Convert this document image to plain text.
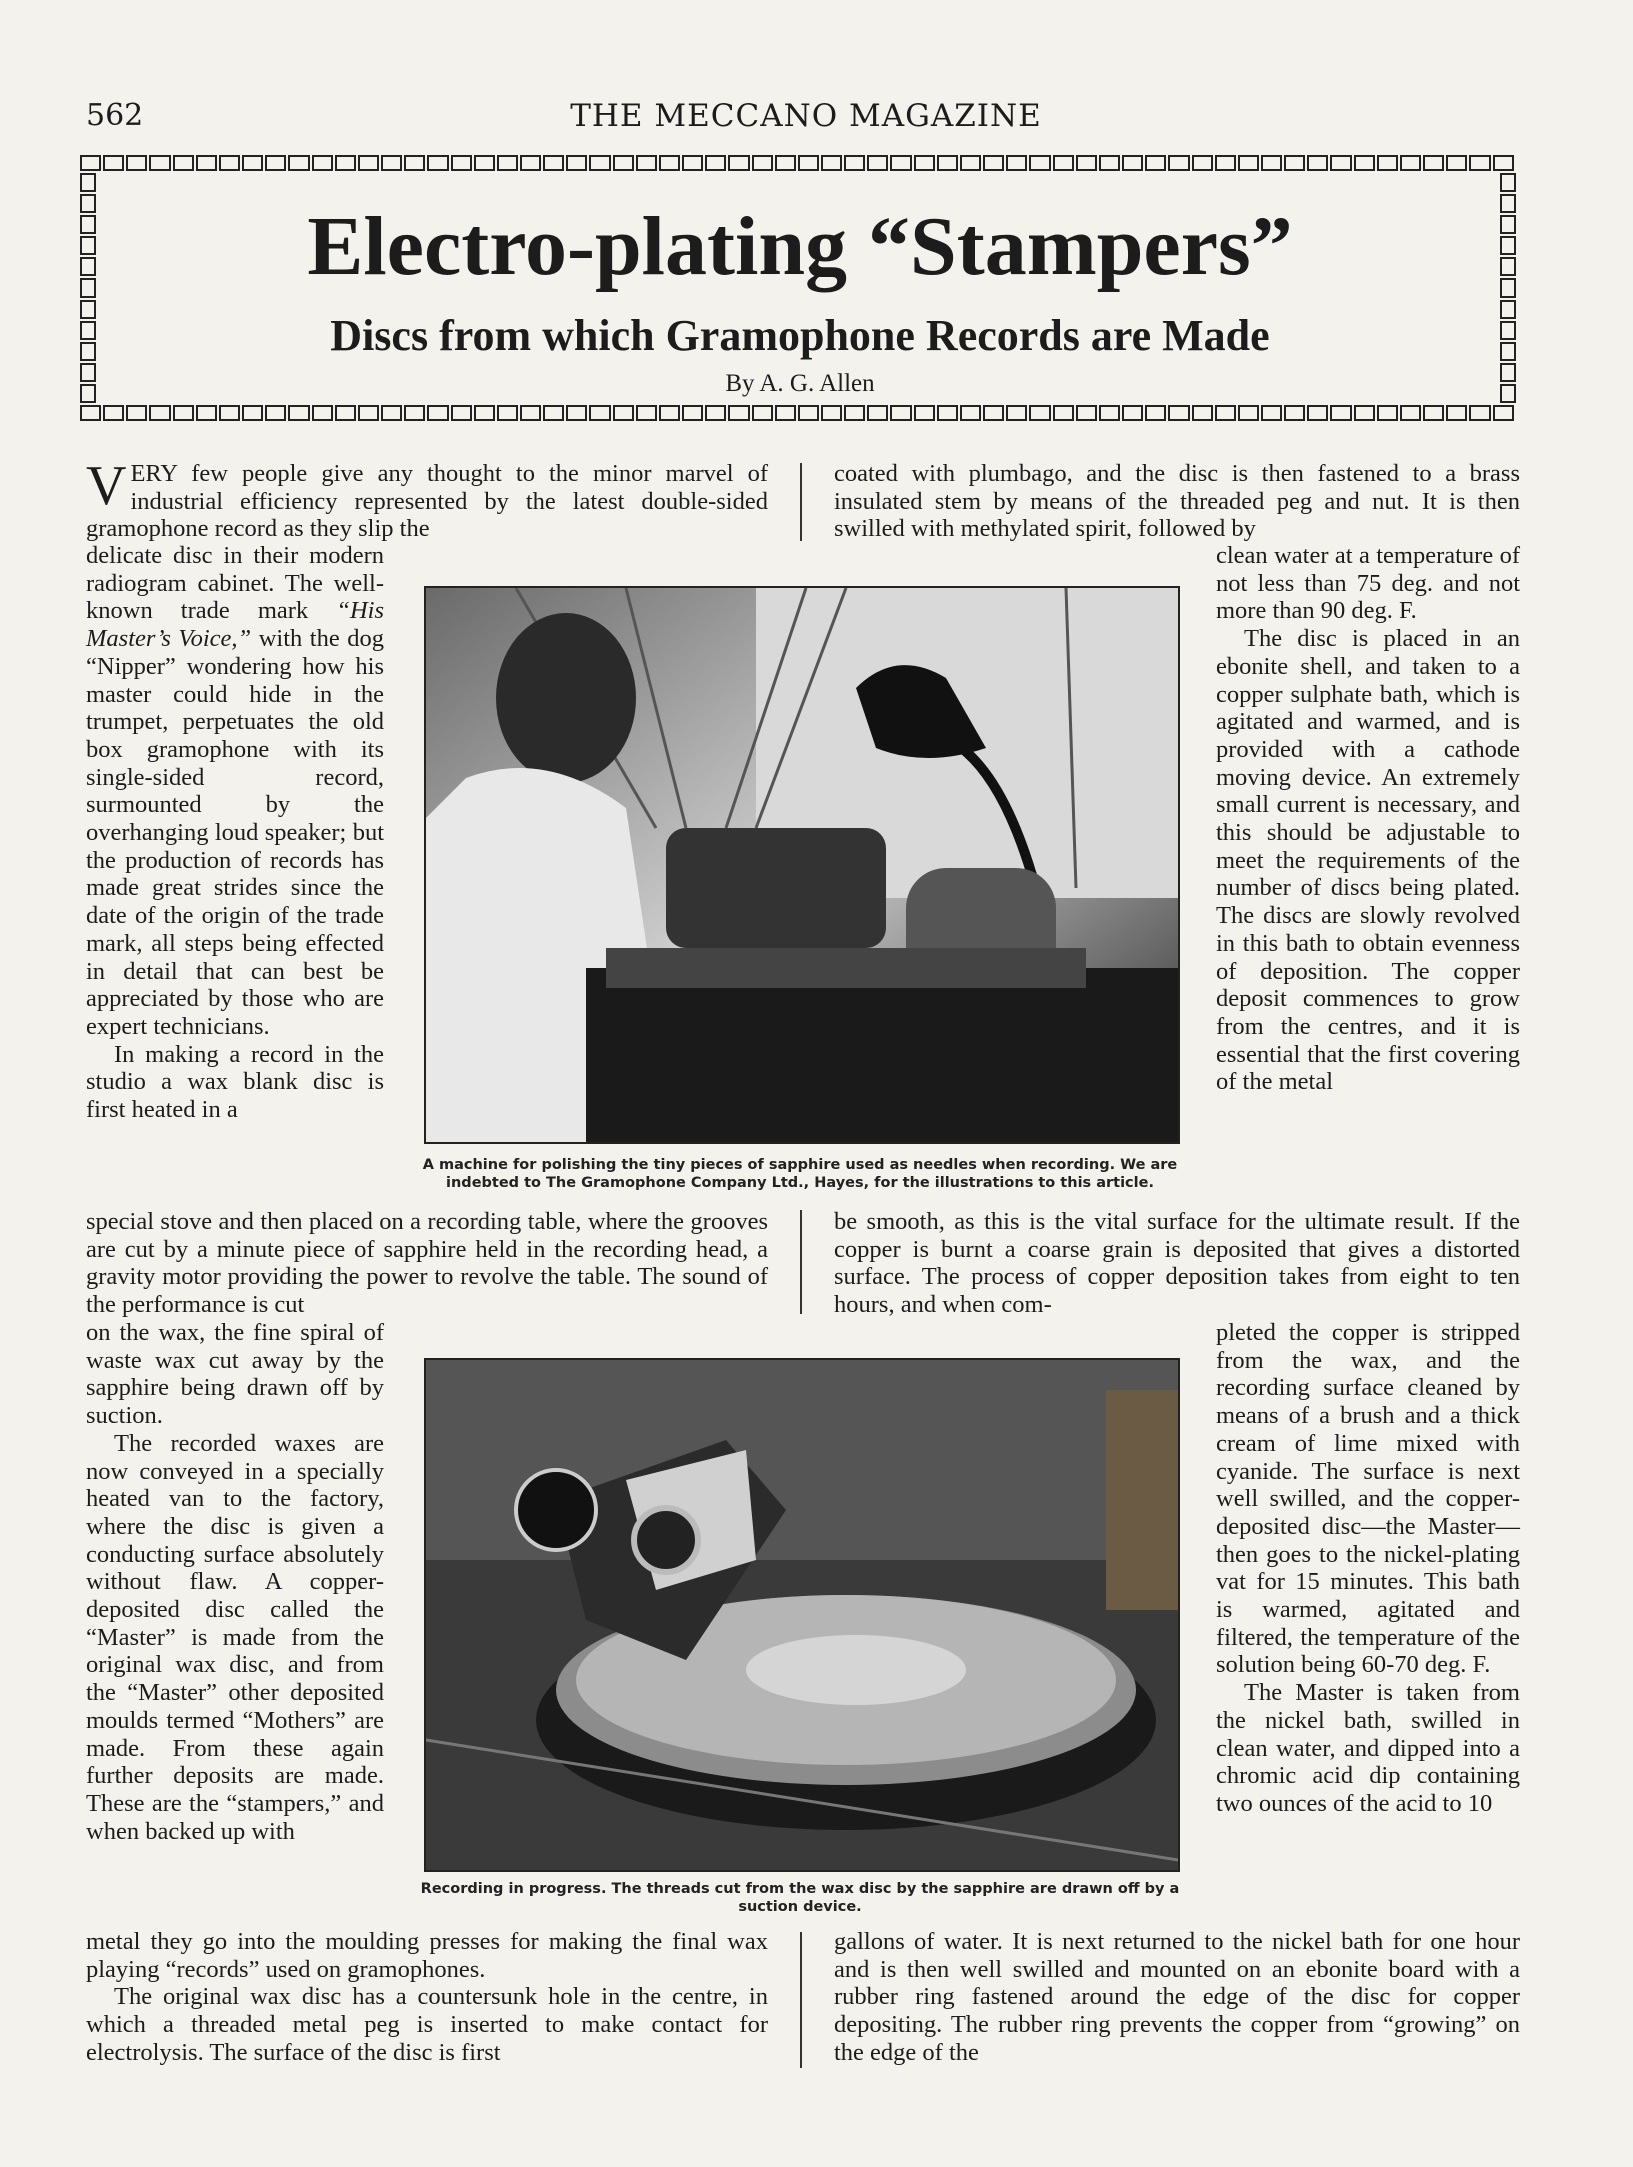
562	THE MECCANO MAGAZINE
Electro-plating “Stampers”
Discs from which Gramophone Records are Made
By A. G. Allen
VERY few people give any thought to the minor marvel of industrial efficiency represented by the latest double-sided gramophone record as they slip the
delicate disc in their modern radiogram cabinet. The well-known trade mark “His Master’s Voice,” with the dog “Nipper” wondering how his master could hide in the trumpet, perpetuates the old box gramophone with its single-sided record, surmounted by the overhanging loud speaker; but the production of records has made great strides since the date of the origin of the trade mark, all steps being effected in detail that can best be appreciated by those who are expert technicians.

In making a record in the studio a wax blank disc is first heated in a

A machine for polishing the tiny pieces of sapphire used as needles when recording. We are indebted to The Gramophone Company Ltd., Hayes, for the illustrations to this article.
special stove and then placed on a recording table, where the grooves are cut by a minute piece of sapphire held in the recording head, a gravity motor providing the power to revolve the table. The sound of the performance is cut
on the wax, the fine spiral of waste wax cut away by the sapphire being drawn off by suction.

The recorded waxes are now conveyed in a specially heated van to the factory, where the disc is given a conducting surface absolutely without flaw. A copper-deposited disc called the “Master” is made from the original wax disc, and from the “Master” other deposited moulds termed “Mothers” are made. From these again further deposits are made. These are the “stampers,” and when backed up with

Recording in progress. The threads cut from the wax disc by the sapphire are drawn off by a suction device.
metal they go into the moulding presses for making the final wax playing “records” used on gramophones.

The original wax disc has a countersunk hole in the centre, in which a threaded metal peg is inserted to make contact for electrolysis. The surface of the disc is first

coated with plumbago, and the disc is then fastened to a brass insulated stem by means of the threaded peg and nut. It is then swilled with methylated spirit, followed by
clean water at a temperature of not less than 75 deg. and not more than 90 deg. F.

The disc is placed in an ebonite shell, and taken to a copper sulphate bath, which is agitated and warmed, and is provided with a cathode moving device. An extremely small current is necessary, and this should be adjustable to meet the requirements of the number of discs being plated. The discs are slowly revolved in this bath to obtain evenness of deposition. The copper deposit commences to grow from the centres, and it is essential that the first covering of the metal

be smooth, as this is the vital surface for the ultimate result. If the copper is burnt a coarse grain is deposited that gives a distorted surface. The process of copper deposition takes from eight to ten hours, and when com-
pleted the copper is stripped from the wax, and the recording surface cleaned by means of a brush and a thick cream of lime mixed with cyanide. The surface is next well swilled, and the copper-deposited disc—the Master—then goes to the nickel-plating vat for 15 minutes. This bath is warmed, agitated and filtered, the temperature of the solution being 60-70 deg. F.

The Master is taken from the nickel bath, swilled in clean water, and dipped into a chromic acid dip containing two ounces of the acid to 10

gallons of water. It is next returned to the nickel bath for one hour and is then well swilled and mounted on an ebonite board with a rubber ring fastened around the edge of the disc for copper depositing. The rubber ring prevents the copper from “growing” on the edge of the
